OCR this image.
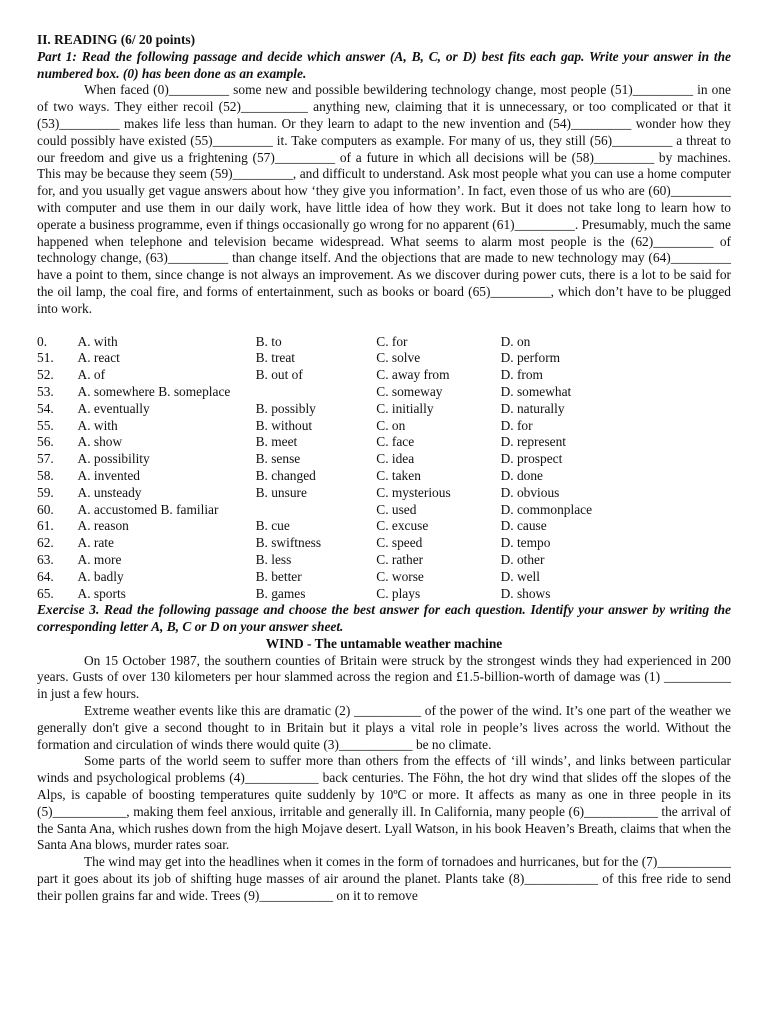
II. READING (6/ 20 points)
Part 1: Read the following passage and decide which answer (A, B, C, or D) best fits each gap. Write your answer in the numbered box. (0) has been done as an example.

When faced (0)_________ some new and possible bewildering technology change, most people (51)_________ in one of two ways. They either recoil (52)__________ anything new, claiming that it is unnecessary, or too complicated or that it (53)_________ makes life less than human. Or they learn to adapt to the new invention and (54)_________ wonder how they could possibly have existed (55)_________ it. Take computers as example. For many of us, they still (56)_________ a threat to our freedom and give us a frightening (57)_________ of a future in which all decisions will be (58)_________ by machines. This may be because they seem (59)_________, and difficult to understand. Ask most people what you can use a home computer for, and you usually get vague answers about how ‘they give you information’. In fact, even those of us who are (60)_________ with computer and use them in our daily work, have little idea of how they work. But it does not take long to learn how to operate a business programme, even if things occasionally go wrong for no apparent (61)_________. Presumably, much the same happened when telephone and television became widespread. What seems to alarm most people is the (62)_________ of technology change, (63)_________ than change itself. And the objections that are made to new technology may (64)_________ have a point to them, since change is not always an improvement. As we discover during power cuts, there is a lot to be said for the oil lamp, the coal fire, and forms of entertainment, such as books or board (65)_________, which don’t have to be plugged into work.

0.	A. with	B. to	C. for	D. on
51.	A. react	B. treat	C. solve	D. perform
52.	A. of	B. out of	C. away from	D. from
53.	A. somewhere B. someplace		C. someway	D. somewhat
54.	A. eventually	B. possibly	C. initially	D. naturally
55.	A. with	B. without	C. on	D. for
56.	A. show	B. meet	C. face	D. represent
57.	A. possibility	B. sense	C. idea	D. prospect
58.	A. invented	B. changed	C. taken	D. done
59.	A. unsteady	B. unsure	C. mysterious	D. obvious
60.	A. accustomed B. familiar		C. used	D. commonplace
61.	A. reason	B. cue	C. excuse	D. cause
62.	A. rate	B. swiftness	C. speed	D. tempo
63.	A. more	B. less	C. rather	D. other
64.	A. badly	B. better	C. worse	D. well
65.	A. sports	B. games	C. plays	D. shows
Exercise 3. Read the following passage and choose the best answer for each question. Identify your answer by writing the corresponding letter A, B, C or D on your answer sheet.
WIND - The untamable weather machine

On 15 October 1987, the southern counties of Britain were struck by the strongest winds they had experienced in 200 years. Gusts of over 130 kilometers per hour slammed across the region and £1.5-billion-worth of damage was (1) __________ in just a few hours.

Extreme weather events like this are dramatic (2) __________ of the power of the wind. It’s one part of the weather we generally don't give a second thought to in Britain but it plays a vital role in people’s lives across the world. Without the formation and circulation of winds there would quite (3)___________ be no climate.

Some parts of the world seem to suffer more than others from the effects of ‘ill winds’, and links between particular winds and psychological problems (4)___________ back centuries. The Föhn, the hot dry wind that slides off the slopes of the Alps, is capable of boosting temperatures quite suddenly by 10ºC or more. It affects as many as one in three people in its (5)___________, making them feel anxious, irritable and generally ill. In California, many people (6)___________ the arrival of the Santa Ana, which rushes down from the high Mojave desert. Lyall Watson, in his book Heaven’s Breath, claims that when the Santa Ana blows, murder rates soar.

The wind may get into the headlines when it comes in the form of tornadoes and hurricanes, but for the (7)___________ part it goes about its job of shifting huge masses of air around the planet. Plants take (8)___________ of this free ride to send their pollen grains far and wide. Trees (9)___________ on it to remove
